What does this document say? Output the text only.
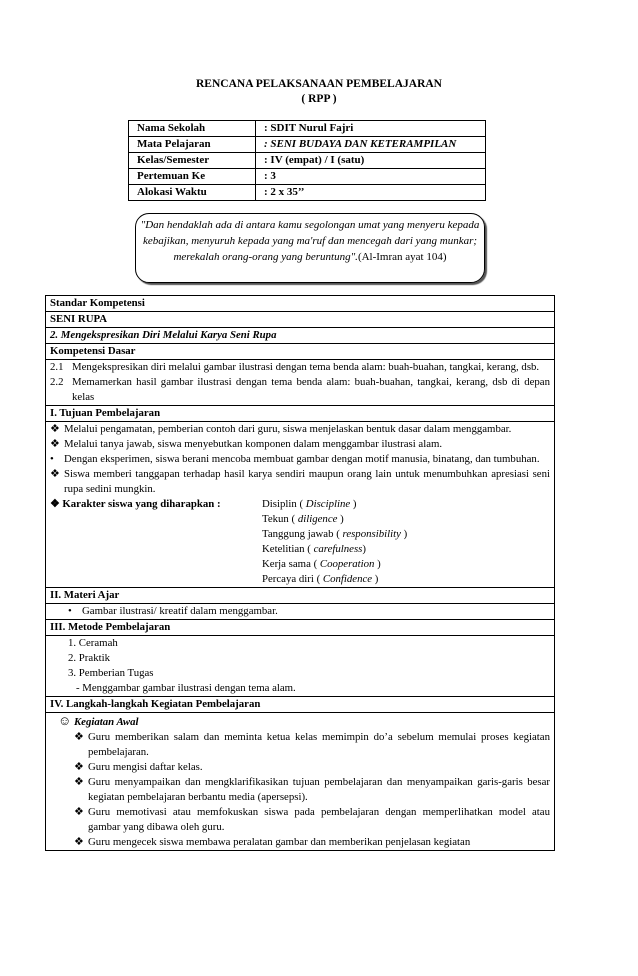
RENCANA PELAKSANAAN PEMBELAJARAN
( RPP )
Nama Sekolah	: SDIT Nurul Fajri
Mata Pelajaran	: SENI BUDAYA DAN KETERAMPILAN
Kelas/Semester	: IV (empat) / I (satu)
Pertemuan Ke	: 3
Alokasi Waktu	: 2 x 35’’
"Dan hendaklah ada di antara kamu segolongan umat yang menyeru kepada kebajikan, menyuruh kepada yang ma'ruf dan mencegah dari yang munkar; merekalah orang-orang yang beruntung".(Al-Imran ayat 104)
Standar Kompetensi
SENI RUPA
2. Mengekspresikan Diri Melalui Karya Seni Rupa
Kompetensi Dasar
2.1 Mengekspresikan diri melalui gambar ilustrasi dengan tema benda alam: buah-buahan, tangkai, kerang, dsb.
2.2 Memamerkan hasil gambar ilustrasi dengan tema benda alam: buah-buahan, tangkai, kerang, dsb di depan kelas
I. Tujuan Pembelajaran
❖ Melalui pengamatan, pemberian contoh dari guru, siswa menjelaskan bentuk dasar dalam menggambar.
❖ Melalui tanya jawab, siswa menyebutkan komponen dalam menggambar ilustrasi alam.
• Dengan eksperimen, siswa berani mencoba membuat gambar dengan motif manusia, binatang, dan tumbuhan.
❖ Siswa memberi tanggapan terhadap hasil karya sendiri maupun orang lain untuk menumbuhkan apresiasi seni rupa sedini mungkin.
❖ Karakter siswa yang diharapkan :	Disiplin ( Discipline )
Tekun ( diligence )
Tanggung jawab ( responsibility )
Ketelitian ( carefulness)
Kerja sama ( Cooperation )
Percaya diri ( Confidence )
II. Materi Ajar
• Gambar ilustrasi/ kreatif dalam menggambar.
III. Metode Pembelajaran
1. Ceramah
2. Praktik
3. Pemberian Tugas
- Menggambar gambar ilustrasi dengan tema alam.
IV. Langkah-langkah Kegiatan Pembelajaran
☺ Kegiatan Awal
❖ Guru memberikan salam dan meminta ketua kelas memimpin do’a sebelum memulai proses kegiatan pembelajaran.
❖ Guru mengisi daftar kelas.
❖ Guru menyampaikan dan mengklarifikasikan tujuan pembelajaran dan menyampaikan garis-garis besar kegiatan pembelajaran berbantu media (apersepsi).
❖ Guru memotivasi atau memfokuskan siswa pada pembelajaran dengan memperlihatkan model atau gambar yang dibawa oleh guru.
❖ Guru mengecek siswa membawa peralatan gambar dan memberikan penjelasan kegiatan
